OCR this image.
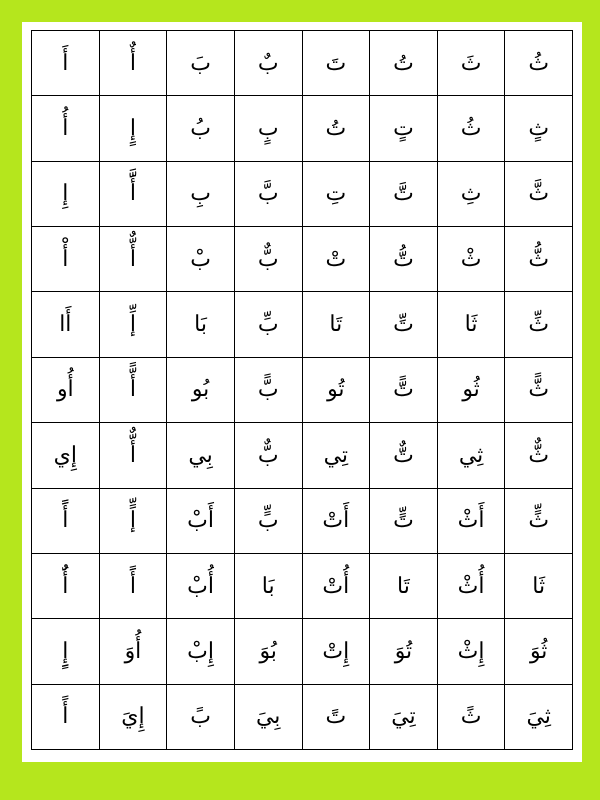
ثُ	ثَ	تُ	تَ	بٌ	بَ	أٌ	أَ
ثٍ	ثُ	تٍ	تُ	بٍ	بُ	إٍ	أُ
ثَّ	ثِ	تَّ	تِ	بَّ	بِ	أََّ	إِ
ثُّ	ثْ	تُّ	تْ	بٌّ	بْ	أٌّ	أْ
ثِّ	ثَا	تِّ	تَا	بِّ	بَا	إِّ	أَا
ثًّ	ثُو	تًّ	تُو	بًّ	بُو	أًّ	أُو
ثٌّ	ثِي	تٌّ	تِي	بٌّ	بِي	أٌّ	إِي
ثٍّ	أَثْ	تٍّ	أَتْ	بٍّ	أَبْ	إٍّ	أًً
ثَا	أُثْ	تَا	أُتْ	بَا	أُبْ	أًَ	أٌُ
ثُوَ	إِثْ	تُوَ	إِتْ	بُوَ	إِبْ	أُوَ	إٍِ
ثِيَ	ثً	تِيَ	تً	بِيَ	بً	إِيَ	أً
